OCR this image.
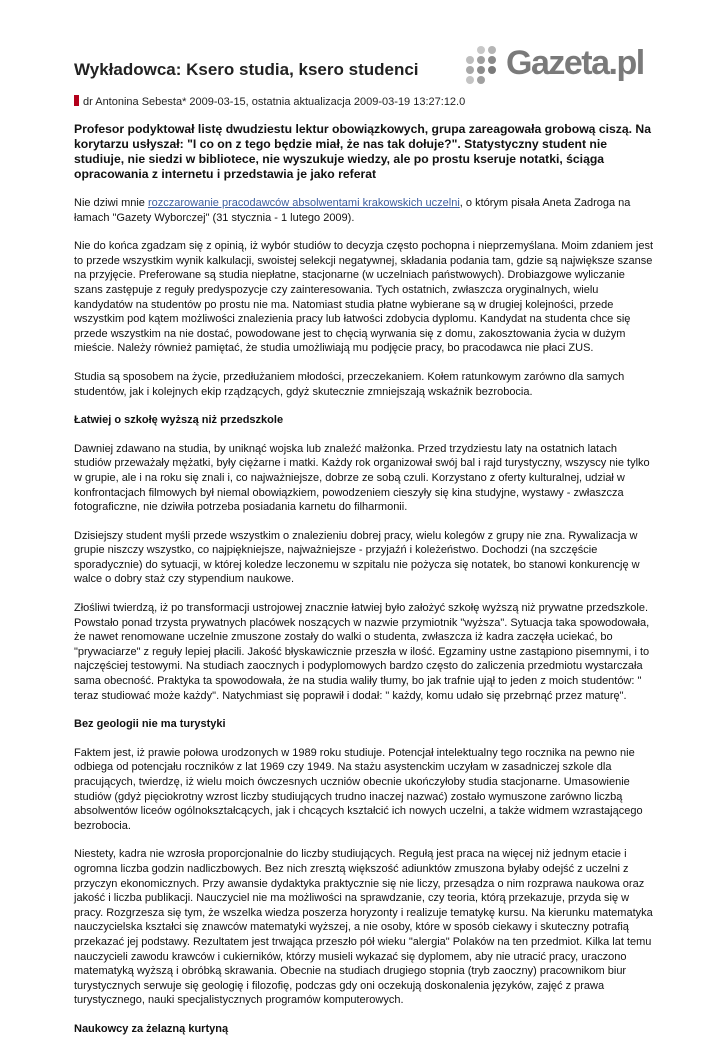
Wykładowca: Ksero studia, ksero studenci	Gazeta.pl
dr Antonina Sebesta* 2009-03-15, ostatnia aktualizacja 2009-03-19 13:27:12.0

Profesor podyktował listę dwudziestu lektur obowiązkowych, grupa zareagowała grobową ciszą. Na korytarzu usłyszał: "I co on z tego będzie miał, że nas tak dołuje?". Statystyczny student nie studiuje, nie siedzi w bibliotece, nie wyszukuje wiedzy, ale po prostu kseruje notatki, ściąga opracowania z internetu i przedstawia je jako referat

Nie dziwi mnie rozczarowanie pracodawców absolwentami krakowskich uczelni, o którym pisała Aneta Zadroga na łamach "Gazety Wyborczej" (31 stycznia - 1 lutego 2009).

Nie do końca zgadzam się z opinią, iż wybór studiów to decyzja często pochopna i nieprzemyślana. Moim zdaniem jest to przede wszystkim wynik kalkulacji, swoistej selekcji negatywnej, składania podania tam, gdzie są największe szanse na przyjęcie. Preferowane są studia niepłatne, stacjonarne (w uczelniach państwowych). Drobiazgowe wyliczanie szans zastępuje z reguły predyspozycje czy zainteresowania. Tych ostatnich, zwłaszcza oryginalnych, wielu kandydatów na studentów po prostu nie ma. Natomiast studia płatne wybierane są w drugiej kolejności, przede wszystkim pod kątem możliwości znalezienia pracy lub łatwości zdobycia dyplomu. Kandydat na studenta chce się przede wszystkim na nie dostać, powodowane jest to chęcią wyrwania się z domu, zakosztowania życia w dużym mieście. Należy również pamiętać, że studia umożliwiają mu podjęcie pracy, bo pracodawca nie płaci ZUS.

Studia są sposobem na życie, przedłużaniem młodości, przeczekaniem. Kołem ratunkowym zarówno dla samych studentów, jak i kolejnych ekip rządzących, gdyż skutecznie zmniejszają wskaźnik bezrobocia.

Łatwiej o szkołę wyższą niż przedszkole

Dawniej zdawano na studia, by uniknąć wojska lub znaleźć małżonka. Przed trzydziestu laty na ostatnich latach studiów przeważały mężatki, były ciężarne i matki. Każdy rok organizował swój bal i rajd turystyczny, wszyscy nie tylko w grupie, ale i na roku się znali i, co najważniejsze, dobrze ze sobą czuli. Korzystano z oferty kulturalnej, udział w konfrontacjach filmowych był niemal obowiązkiem, powodzeniem cieszyły się kina studyjne, wystawy - zwłaszcza fotograficzne, nie dziwiła potrzeba posiadania karnetu do filharmonii.

Dzisiejszy student myśli przede wszystkim o znalezieniu dobrej pracy, wielu kolegów z grupy nie zna. Rywalizacja w grupie niszczy wszystko, co najpiękniejsze, najważniejsze - przyjaźń i koleżeństwo. Dochodzi (na szczęście sporadycznie) do sytuacji, w której koledze leczonemu w szpitalu nie pożycza się notatek, bo stanowi konkurencję w walce o dobry staż czy stypendium naukowe.

Złośliwi twierdzą, iż po transformacji ustrojowej znacznie łatwiej było założyć szkołę wyższą niż prywatne przedszkole. Powstało ponad trzysta prywatnych placówek noszących w nazwie przymiotnik "wyższa". Sytuacja taka spowodowała, że nawet renomowane uczelnie zmuszone zostały do walki o studenta, zwłaszcza iż kadra zaczęła uciekać, bo "prywaciarze" z reguły lepiej płacili. Jakość błyskawicznie przeszła w ilość. Egzaminy ustne zastąpiono pisemnymi, i to najczęściej testowymi. Na studiach zaocznych i podyplomowych bardzo często do zaliczenia przedmiotu wystarczała sama obecność. Praktyka ta spowodowała, że na studia waliły tłumy, bo jak trafnie ujął to jeden z moich studentów: " teraz studiować może każdy". Natychmiast się poprawił i dodał: " każdy, komu udało się przebrnąć przez maturę".

Bez geologii nie ma turystyki

Faktem jest, iż prawie połowa urodzonych w 1989 roku studiuje. Potencjał intelektualny tego rocznika na pewno nie odbiega od potencjału roczników z lat 1969 czy 1949. Na stażu asystenckim uczyłam w zasadniczej szkole dla pracujących, twierdzę, iż wielu moich ówczesnych uczniów obecnie ukończyłoby studia stacjonarne. Umasowienie studiów (gdyż pięciokrotny wzrost liczby studiujących trudno inaczej nazwać) zostało wymuszone zarówno liczbą absolwentów liceów ogólnokształcących, jak i chcących kształcić ich nowych uczelni, a także widmem wzrastającego bezrobocia.

Niestety, kadra nie wzrosła proporcjonalnie do liczby studiujących. Regułą jest praca na więcej niż jednym etacie i ogromna liczba godzin nadliczbowych. Bez nich zresztą większość adiunktów zmuszona byłaby odejść z uczelni z przyczyn ekonomicznych. Przy awansie dydaktyka praktycznie się nie liczy, przesądza o nim rozprawa naukowa oraz jakość i liczba publikacji. Nauczyciel nie ma możliwości na sprawdzanie, czy teoria, którą przekazuje, przyda się w pracy. Rozgrzesza się tym, że wszelka wiedza poszerza horyzonty i realizuje tematykę kursu. Na kierunku matematyka nauczycielska kształci się znawców matematyki wyższej, a nie osoby, które w sposób ciekawy i skuteczny potrafią przekazać jej podstawy. Rezultatem jest trwająca przeszło pół wieku "alergia" Polaków na ten przedmiot. Kilka lat temu nauczycieli zawodu krawców i cukierników, którzy musieli wykazać się dyplomem, aby nie utracić pracy, uraczono matematyką wyższą i obróbką skrawania. Obecnie na studiach drugiego stopnia (tryb zaoczny) pracownikom biur turystycznych serwuje się geologię i filozofię, podczas gdy oni oczekują doskonalenia języków, zajęć z prawa turystycznego, nauki specjalistycznych programów komputerowych.

Naukowcy za żelazną kurtyną
